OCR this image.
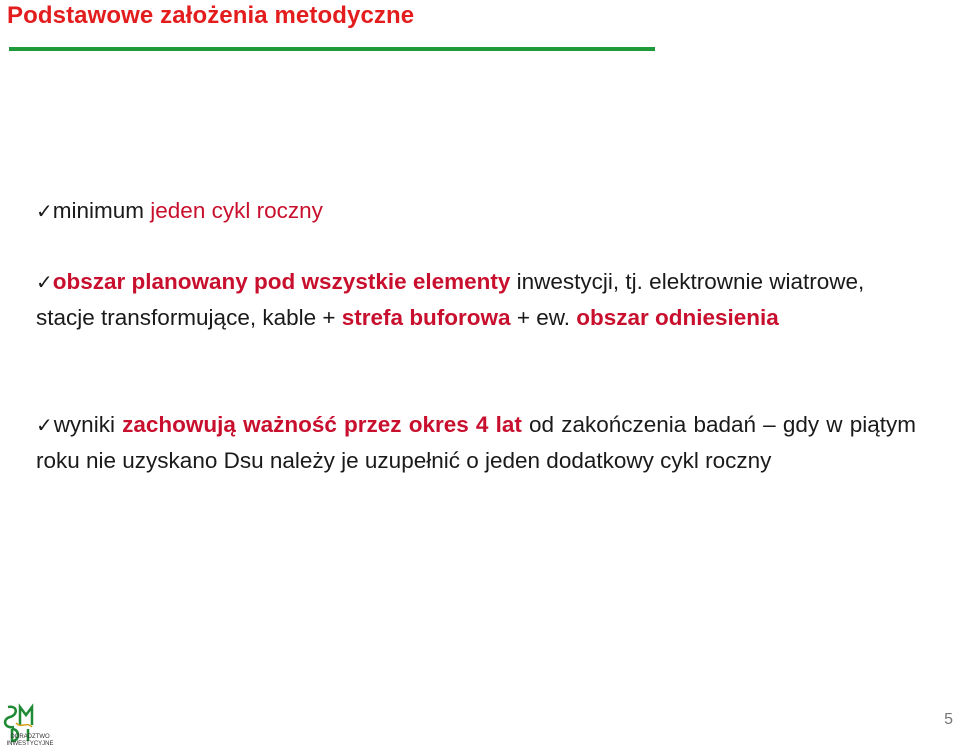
Podstawowe założenia metodyczne
✓minimum jeden cykl roczny
✓obszar planowany pod wszystkie elementy inwestycji, tj. elektrownie wiatrowe, stacje transformujące, kable + strefa buforowa + ew. obszar odniesienia
✓wyniki zachowują ważność przez okres 4 lat od zakończenia badań – gdy w piątym roku nie uzyskano Dsu należy je uzupełnić o jeden dodatkowy cykl roczny
DORADZTWO
INWESTYCYJNE
5
